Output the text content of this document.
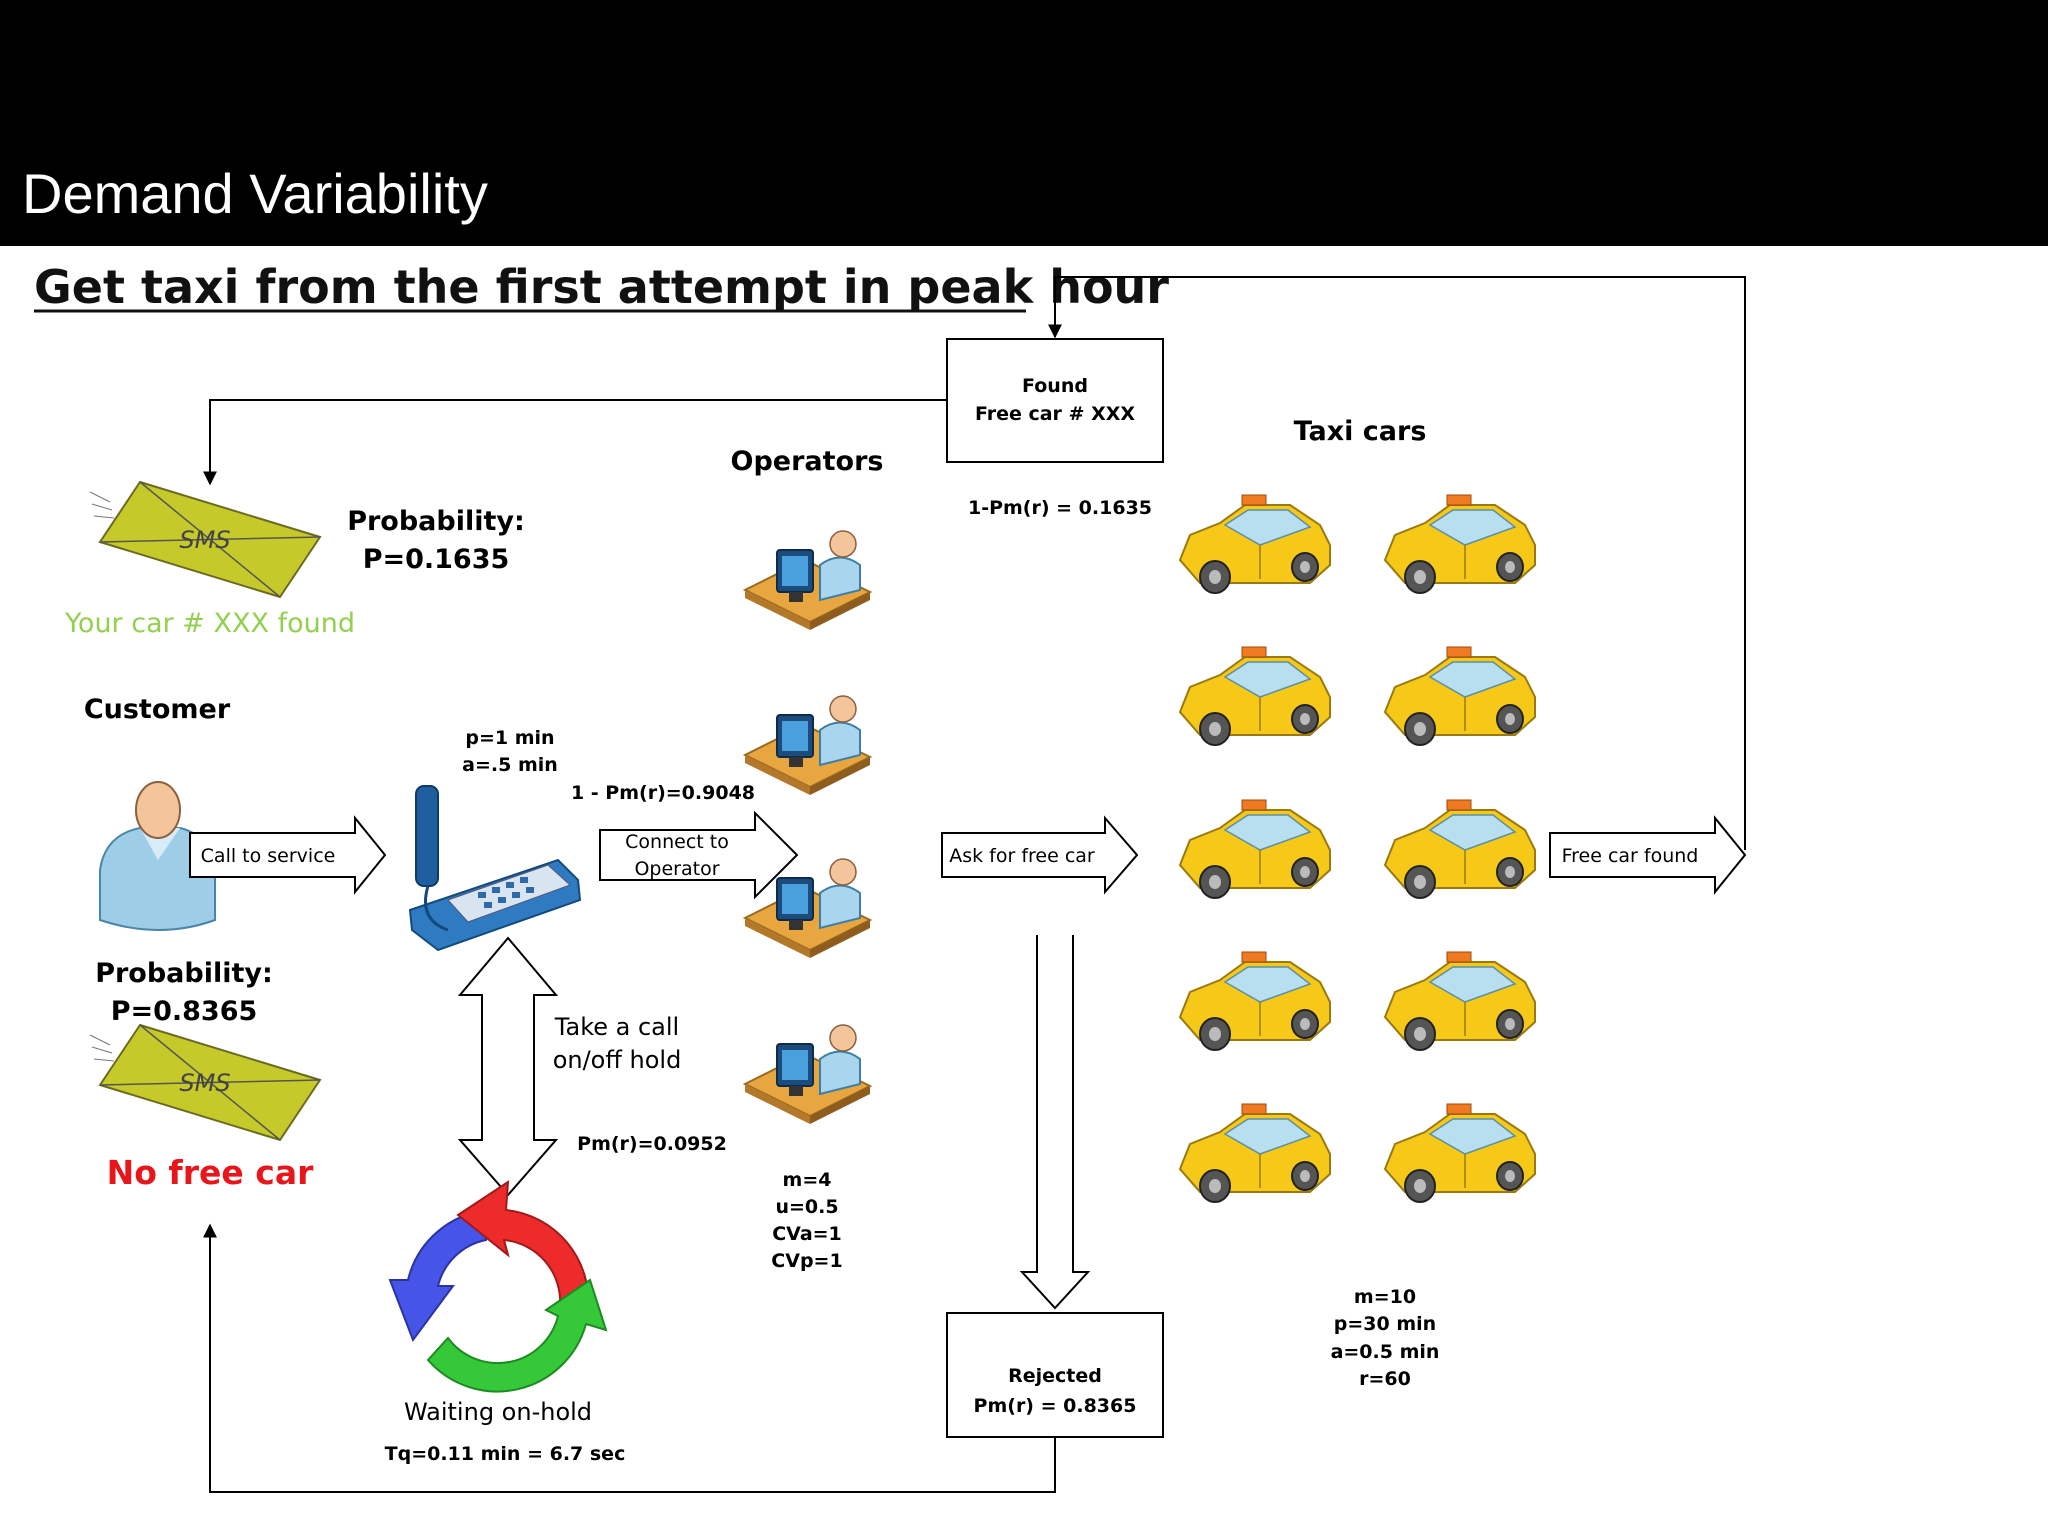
Demand Variability
Get taxi from the first attempt in peak hour
Found
Free car # XXX
1-Pm(r) = 0.1635
Taxi cars
Operators
Probability:
P=0.1635
SMS
Your car # XXX found
Customer
p=1 min
a=.5 min
Call to service
1 - Pm(r)=0.9048
Connect to
Operator
Ask for free car	Free car found
Probability:
P=0.8365
SMS
No free car
Take a call
on/off hold
Pm(r)=0.0952
m=4
u=0.5
CVa=1
CVp=1
Rejected
Pm(r) = 0.8365
m=10
p=30 min
a=0.5 min
r=60
Waiting on-hold
Tq=0.11 min = 6.7 sec
